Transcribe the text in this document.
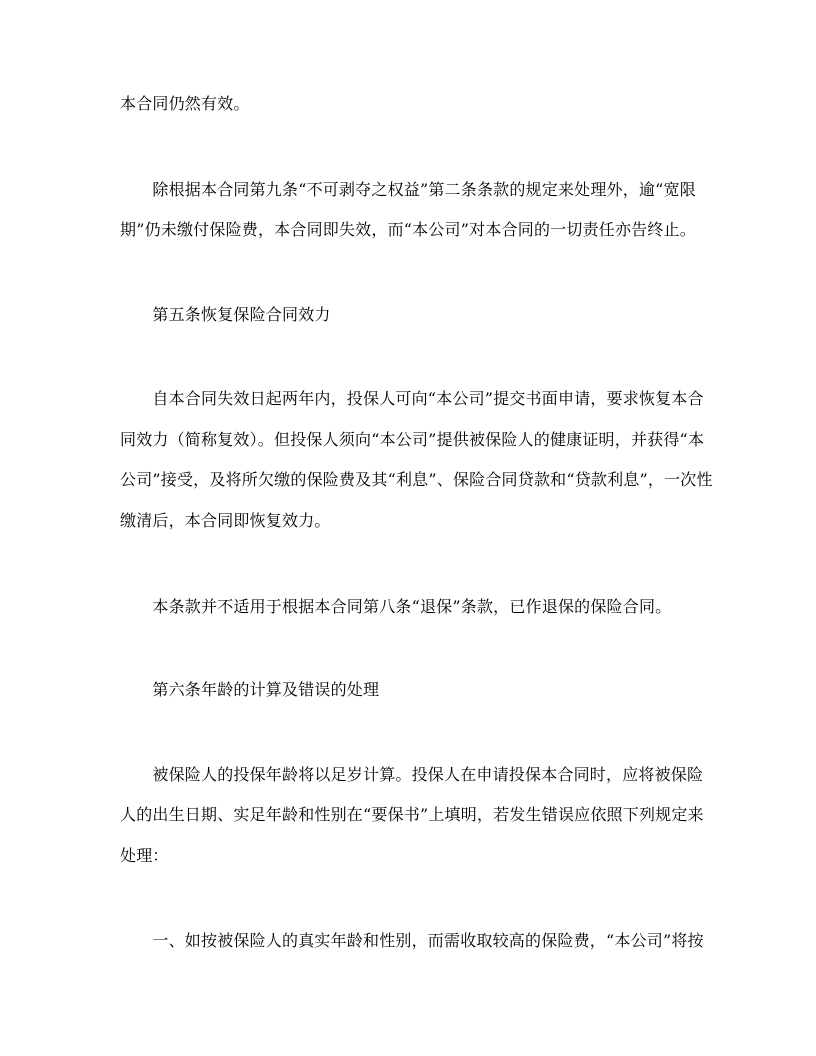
本合同仍然有效。
　　除根据本合同第九条“不可剥夺之权益”第二条条款的规定来处理外，逾“宽限
期”仍未缴付保险费，本合同即失效，而“本公司”对本合同的一切责任亦告终止。
　　第五条恢复保险合同效力
　　自本合同失效日起两年内，投保人可向“本公司”提交书面申请，要求恢复本合
同效力（简称复效）。但投保人须向“本公司”提供被保险人的健康证明，并获得“本
公司”接受，及将所欠缴的保险费及其“利息”、保险合同贷款和“贷款利息”，一次性
缴清后，本合同即恢复效力。
　　本条款并不适用于根据本合同第八条“退保”条款，已作退保的保险合同。
　　第六条年龄的计算及错误的处理
　　被保险人的投保年龄将以足岁计算。投保人在申请投保本合同时，应将被保险
人的出生日期、实足年龄和性别在“要保书”上填明，若发生错误应依照下列规定来
处理：
　　一、如按被保险人的真实年龄和性别，而需收取较高的保险费，“本公司”将按
